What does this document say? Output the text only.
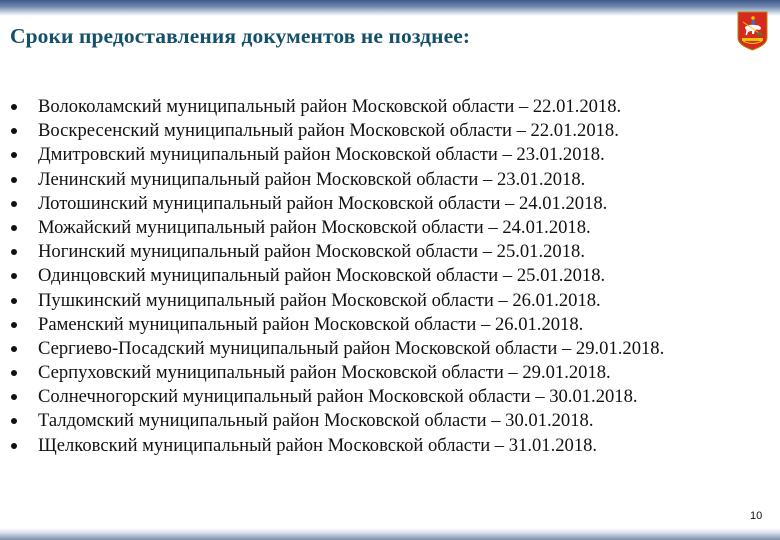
Сроки предоставления документов не позднее:
Волоколамский муниципальный район Московской области – 22.01.2018.
Воскресенский муниципальный район Московской области – 22.01.2018.
Дмитровский муниципальный район Московской области – 23.01.2018.
Ленинский муниципальный район Московской области – 23.01.2018.
Лотошинский муниципальный район Московской области – 24.01.2018.
Можайский муниципальный район Московской области – 24.01.2018.
Ногинский муниципальный район Московской области – 25.01.2018.
Одинцовский муниципальный район Московской области – 25.01.2018.
Пушкинский муниципальный район Московской области – 26.01.2018.
Раменский муниципальный район Московской области – 26.01.2018.
Сергиево-Посадский муниципальный район Московской области – 29.01.2018.
Серпуховский муниципальный район Московской области – 29.01.2018.
Солнечногорский муниципальный район Московской области – 30.01.2018.
Талдомский муниципальный район Московской области – 30.01.2018.
Щелковский муниципальный район Московской области – 31.01.2018.
10
